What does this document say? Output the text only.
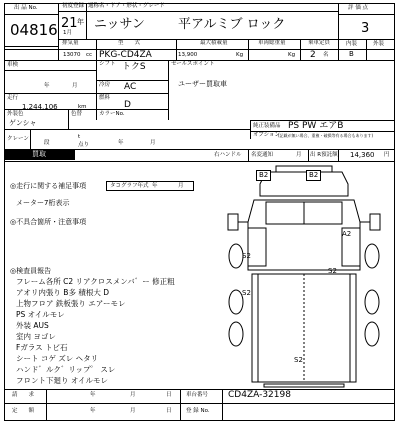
出 品 No.
04816
初度登録 通称名・ドア・形状・グレード
21 年
1月
ニッサン	平アルミブ ロック
評 価 点
3
内装	外装
B
排気量	型　　式	最大積載量	車両総重量	乗車定員
13070 cc PKG-CD4ZA	13,900	Kg	Kg 2 名
車検
年	月
シフト トクS
冷房 AC
走行
1,244,106	km
燃料
D
外装色
ゲンシャ
色替	カラーNo.
セールスポイント
ユーザー買取車
純正装備品 PS PW エアB
オプション
(記載が無い場合、重複・破損等有る場合もあります)
クレーン
段
t
点り	年	月
買取	右ハンドル 名変通知	月 出 R預託額 14,360 円
◎走行に関する補足事項	タコグラフ年式 年	月
メーター7桁表示
◎不具合箇所・注意事項
◎検査員報告
フレーム各所 C2 リアクロスメンバ゛ー 修正粗
アオリ内張り B多 積根大 D
上物フロア 鉄板張り エアーモレ
PS オイルモレ
外装 AUS
室内 ヨゴレ
Fガラス トビ石
シート コゲ ズレ ヘタリ
ハンド゛ルク゛リップ゜ スレ
フロント下廻り オイルモレ
B2	B2
A2
S2
S2
S2
S2
請　　求	年	月	日	車台番号 CD4ZA-32198
定　　額	年	月	日	登 録 No.
